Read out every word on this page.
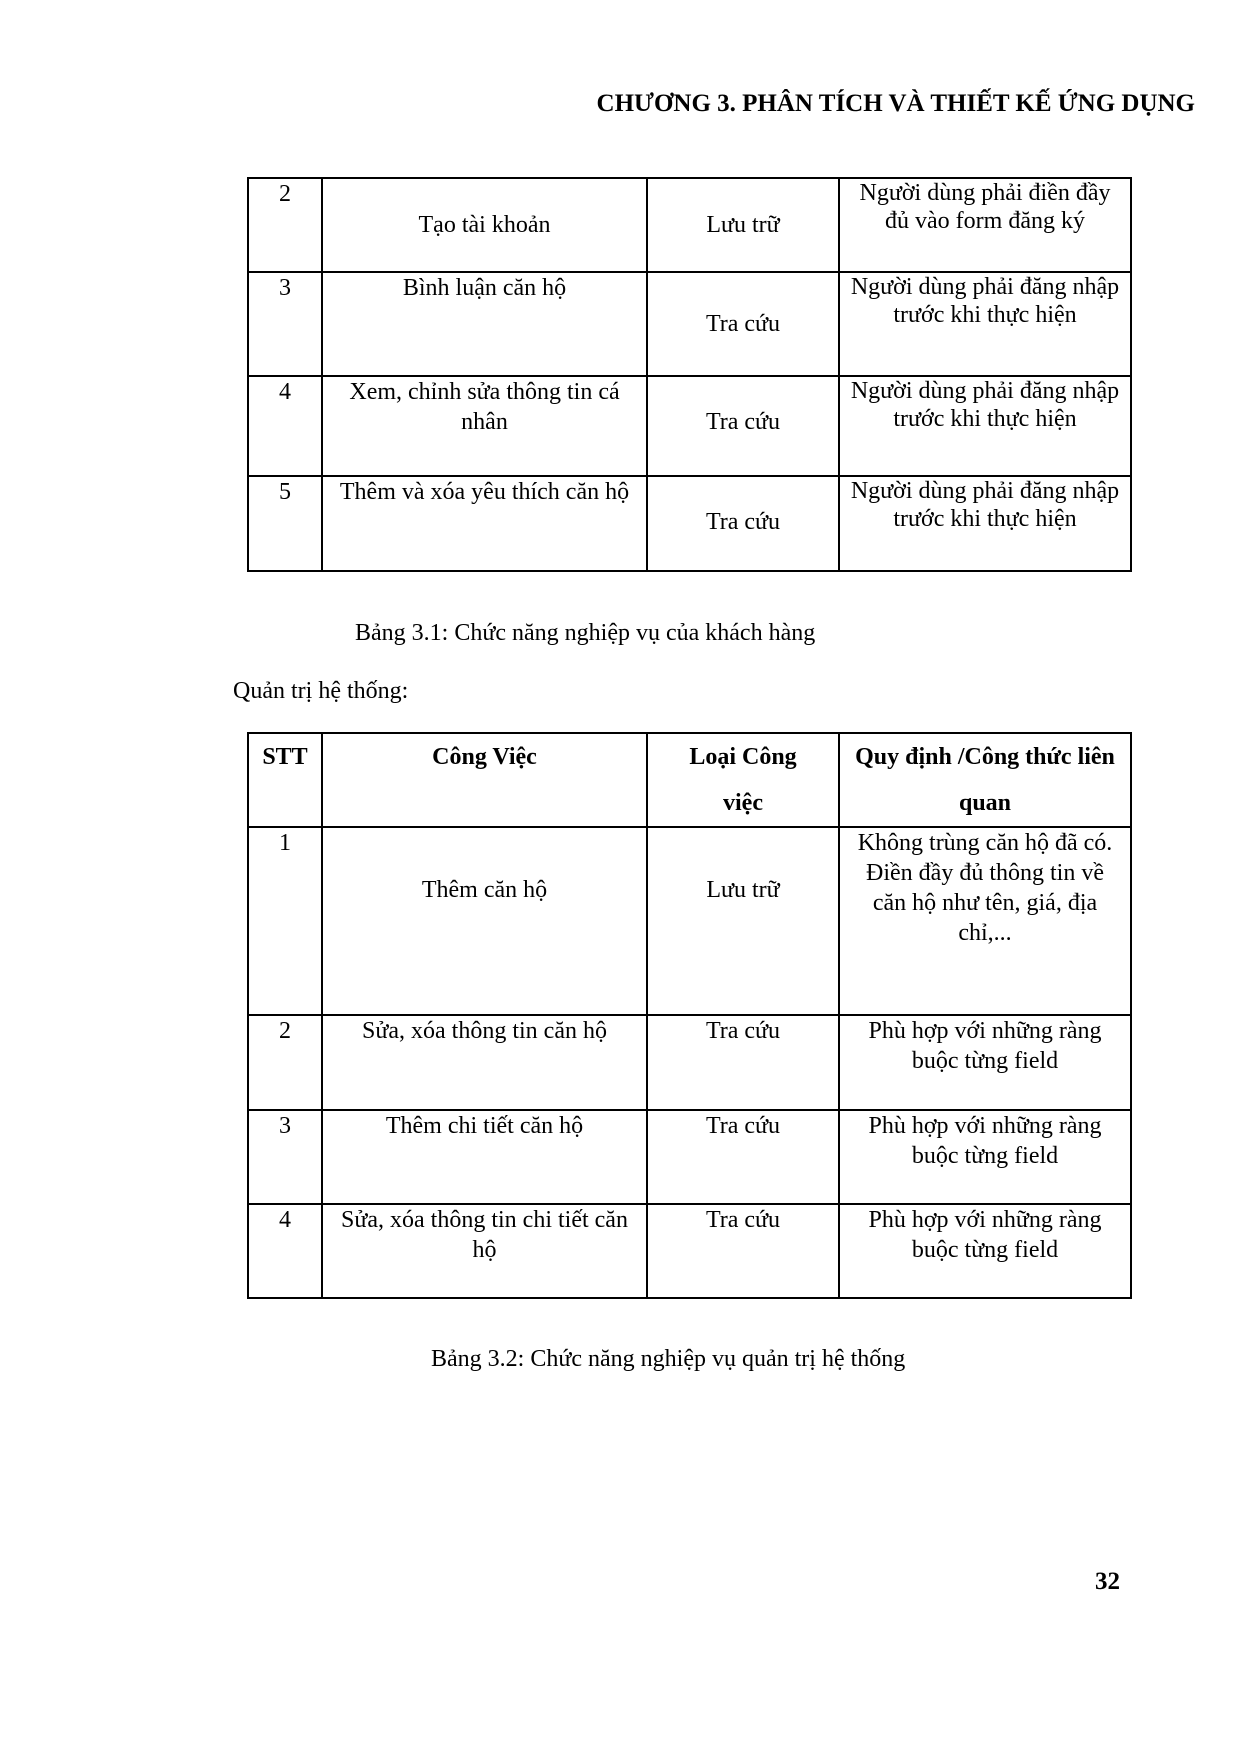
CHƯƠNG 3. PHÂN TÍCH VÀ THIẾT KẾ ỨNG DỤNG
2	Tạo tài khoản	Lưu trữ	Người dùng phải điền đầy đủ vào form đăng ký
3	Bình luận căn hộ	Tra cứu	Người dùng phải đăng nhập trước khi thực hiện
4	Xem, chỉnh sửa thông tin cá nhân	Tra cứu	Người dùng phải đăng nhập trước khi thực hiện
5	Thêm và xóa yêu thích căn hộ	Tra cứu	Người dùng phải đăng nhập trước khi thực hiện
Bảng 3.1: Chức năng nghiệp vụ của khách hàng
Quản trị hệ thống:
STT	Công Việc	Loại Công việc	Quy định /Công thức liên quan
1	Thêm căn hộ	Lưu trữ	Không trùng căn hộ đã có. Điền đầy đủ thông tin về căn hộ như tên, giá, địa chỉ,...
2	Sửa, xóa thông tin căn hộ	Tra cứu	Phù hợp với những ràng buộc từng field
3	Thêm chi tiết căn hộ	Tra cứu	Phù hợp với những ràng buộc từng field
4	Sửa, xóa thông tin chi tiết căn hộ	Tra cứu	Phù hợp với những ràng buộc từng field
Bảng 3.2: Chức năng nghiệp vụ quản trị hệ thống
32
